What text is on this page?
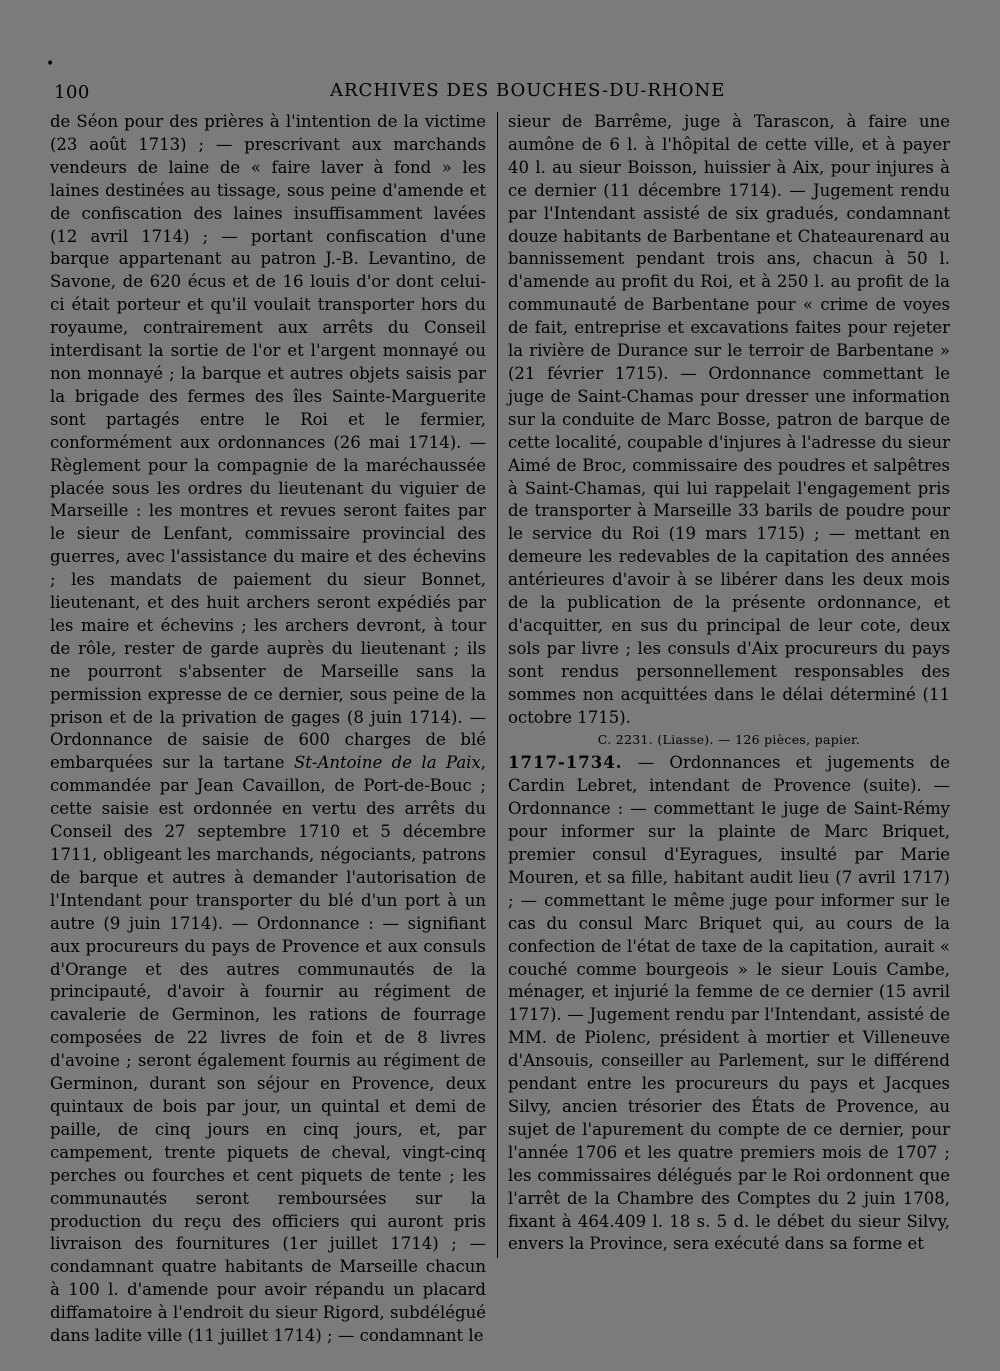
•
100	ARCHIVES DES BOUCHES-DU-RHONE

de Séon pour des prières à l'intention de la victime (23 août 1713) ; — prescrivant aux marchands vendeurs de laine de « faire laver à fond » les laines destinées au tissage, sous peine d'amende et de confiscation des laines insuffisamment lavées (12 avril 1714) ; — portant confiscation d'une barque appartenant au patron J.-B. Levantino, de Savone, de 620 écus et de 16 louis d'or dont celui-ci était porteur et qu'il voulait transporter hors du royaume, contrairement aux arrêts du Conseil interdisant la sortie de l'or et l'argent monnayé ou non monnayé ; la barque et autres objets saisis par la brigade des fermes des îles Sainte-Marguerite sont partagés entre le Roi et le fermier, conformément aux ordonnances (26 mai 1714). — Règlement pour la compagnie de la maréchaussée placée sous les ordres du lieutenant du viguier de Marseille : les montres et revues seront faites par le sieur de Lenfant, commissaire provincial des guerres, avec l'assistance du maire et des échevins ; les mandats de paiement du sieur Bonnet, lieutenant, et des huit archers seront expédiés par les maire et échevins ; les archers devront, à tour de rôle, rester de garde auprès du lieutenant ; ils ne pourront s'absenter de Marseille sans la permission expresse de ce dernier, sous peine de la prison et de la privation de gages (8 juin 1714). — Ordonnance de saisie de 600 charges de blé embarquées sur la tartane St-Antoine de la Paix, commandée par Jean Cavaillon, de Port-de-Bouc ; cette saisie est ordonnée en vertu des arrêts du Conseil des 27 septembre 1710 et 5 décembre 1711, obligeant les marchands, négociants, patrons de barque et autres à demander l'autorisation de l'Intendant pour transporter du blé d'un port à un autre (9 juin 1714). — Ordonnance : — signifiant aux procureurs du pays de Provence et aux consuls d'Orange et des autres communautés de la principauté, d'avoir à fournir au régiment de cavalerie de Germinon, les rations de fourrage composées de 22 livres de foin et de 8 livres d'avoine ; seront également fournis au régiment de Germinon, durant son séjour en Provence, deux quintaux de bois par jour, un quintal et demi de paille, de cinq jours en cinq jours, et, par campement, trente piquets de cheval, vingt-cinq perches ou fourches et cent piquets de tente ; les communautés seront remboursées sur la production du reçu des officiers qui auront pris livraison des fournitures (1er juillet 1714) ; — condamnant quatre habitants de Marseille chacun à 100 l. d'amende pour avoir répandu un placard diffamatoire à l'endroit du sieur Rigord, subdélégué dans ladite ville (11 juillet 1714) ; — condamnant le

sieur de Barrême, juge à Tarascon, à faire une aumône de 6 l. à l'hôpital de cette ville, et à payer 40 l. au sieur Boisson, huissier à Aix, pour injures à ce dernier (11 décembre 1714). — Jugement rendu par l'Intendant assisté de six gradués, condamnant douze habitants de Barbentane et Chateaurenard au bannissement pendant trois ans, chacun à 50 l. d'amende au profit du Roi, et à 250 l. au profit de la communauté de Barbentane pour « crime de voyes de fait, entreprise et excavations faites pour rejeter la rivière de Durance sur le terroir de Barbentane » (21 février 1715). — Ordonnance commettant le juge de Saint-Chamas pour dresser une information sur la conduite de Marc Bosse, patron de barque de cette localité, coupable d'injures à l'adresse du sieur Aimé de Broc, commissaire des poudres et salpêtres à Saint-Chamas, qui lui rappelait l'engagement pris de transporter à Marseille 33 barils de poudre pour le service du Roi (19 mars 1715) ; — mettant en demeure les redevables de la capitation des années antérieures d'avoir à se libérer dans les deux mois de la publication de la présente ordonnance, et d'acquitter, en sus du principal de leur cote, deux sols par livre ; les consuls d'Aix procureurs du pays sont rendus personnellement responsables des sommes non acquittées dans le délai déterminé (11 octobre 1715).

C. 2231. (Liasse). — 126 pièces, papier.

1717-1734. — Ordonnances et jugements de Cardin Lebret, intendant de Provence (suite). — Ordonnance : — commettant le juge de Saint-Rémy pour informer sur la plainte de Marc Briquet, premier consul d'Eyragues, insulté par Marie Mouren, et sa fille, habitant audit lieu (7 avril 1717) ; — commettant le même juge pour informer sur le cas du consul Marc Briquet qui, au cours de la confection de l'état de taxe de la capitation, aurait « couché comme bourgeois » le sieur Louis Cambe, ménager, et injurié la femme de ce dernier (15 avril 1717). — Jugement rendu par l'Intendant, assisté de MM. de Piolenc, président à mortier et Villeneuve d'Ansouis, conseiller au Parlement, sur le différend pendant entre les procureurs du pays et Jacques Silvy, ancien trésorier des États de Provence, au sujet de l'apurement du compte de ce dernier, pour l'année 1706 et les quatre premiers mois de 1707 ; les commissaires délégués par le Roi ordonnent que l'arrêt de la Chambre des Comptes du 2 juin 1708, fixant à 464.409 l. 18 s. 5 d. le débet du sieur Silvy, envers la Province, sera exécuté dans sa forme et
